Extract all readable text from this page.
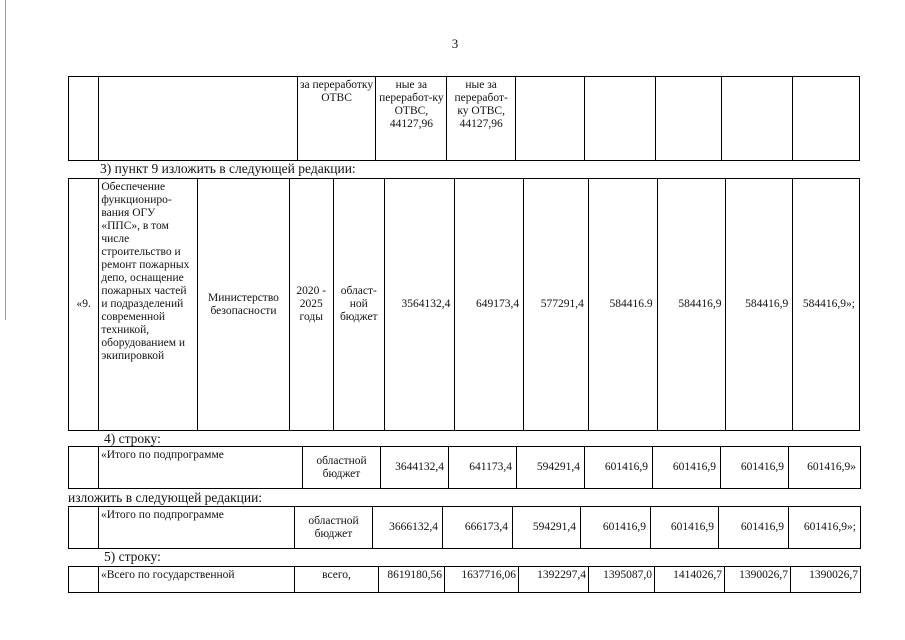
3
		за переработку ОТВС	ные за переработ-ку ОТВС, 44127,96	ные за переработ-ку ОТВС, 44127,96					
3) пункт 9 изложить в следующей редакции:
«9.	Обеспечение функциониро-вания ОГУ «ППС», в том числе строительство и ремонт пожарных депо, оснащение пожарных частей и подразделений современной техникой, оборудованием и экипировкой	Министерство безопасности	2020 - 2025 годы	област-ной бюджет	3564132,4	649173,4	577291,4	584416.9	584416,9	584416,9	584416,9»;
4) строку:
	«Итого по подпрограмме	областной бюджет	3644132,4	641173,4	594291,4	601416,9	601416,9	601416,9	601416,9»
изложить в следующей редакции:
	«Итого по подпрограмме	областной бюджет	3666132,4	666173,4	594291,4	601416,9	601416,9	601416,9	601416,9»;
5) строку:
	«Всего по государственной	всего,	8619180,56	1637716,06	1392297,4	1395087,0	1414026,7	1390026,7	1390026,7
